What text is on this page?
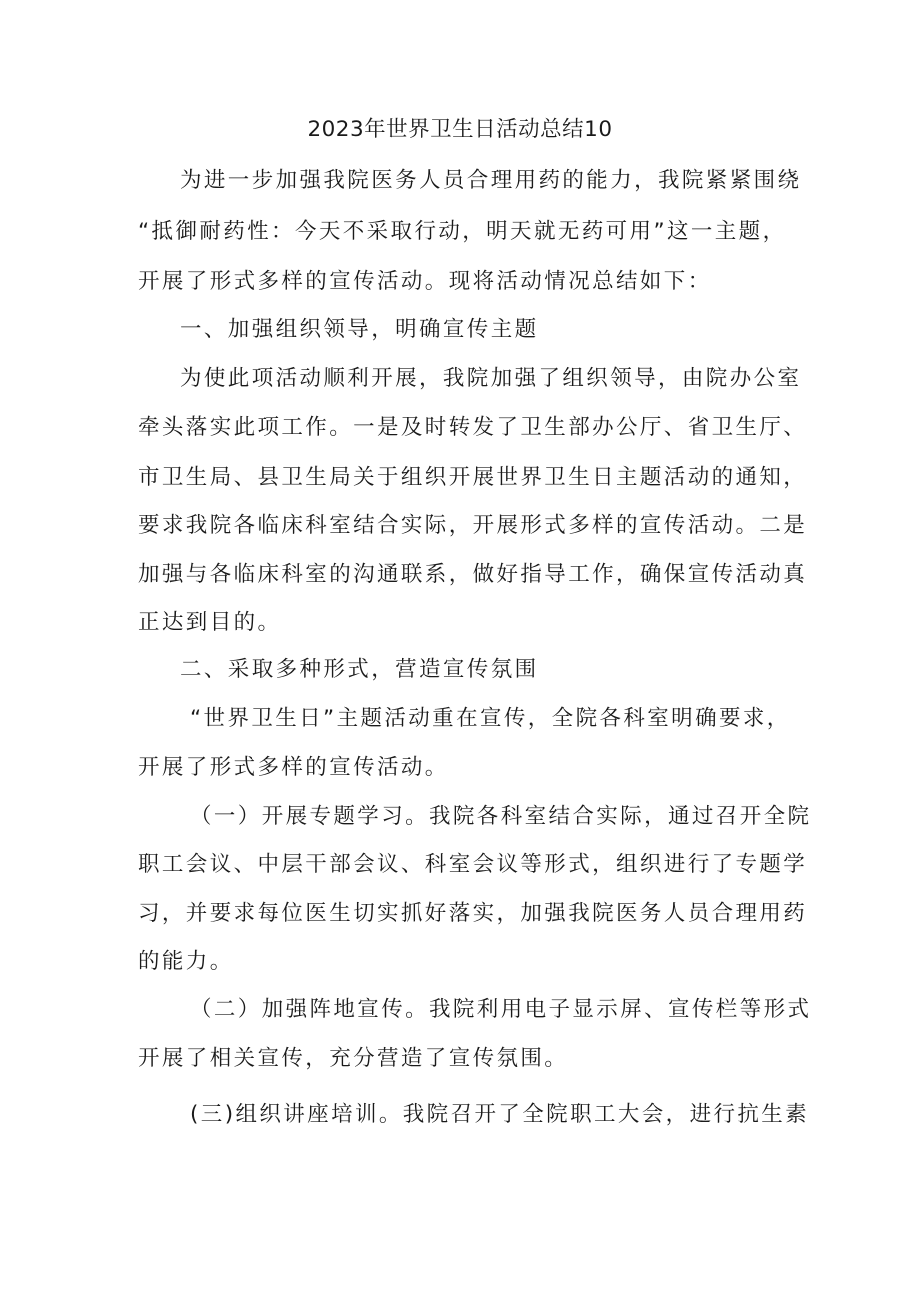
2023年世界卫生日活动总结10
为进一步加强我院医务人员合理用药的能力，我院紧紧围绕
“抵御耐药性：今天不采取行动，明天就无药可用”这一主题，
开展了形式多样的宣传活动。现将活动情况总结如下：
一、加强组织领导，明确宣传主题
为使此项活动顺利开展，我院加强了组织领导，由院办公室
牵头落实此项工作。一是及时转发了卫生部办公厅、省卫生厅、
市卫生局、县卫生局关于组织开展世界卫生日主题活动的通知，
要求我院各临床科室结合实际，开展形式多样的宣传活动。二是
加强与各临床科室的沟通联系，做好指导工作，确保宣传活动真
正达到目的。
二、采取多种形式，营造宣传氛围
“世界卫生日”主题活动重在宣传，全院各科室明确要求，
开展了形式多样的宣传活动。
（一）开展专题学习。我院各科室结合实际，通过召开全院
职工会议、中层干部会议、科室会议等形式，组织进行了专题学
习，并要求每位医生切实抓好落实，加强我院医务人员合理用药
的能力。
（二）加强阵地宣传。我院利用电子显示屏、宣传栏等形式
开展了相关宣传，充分营造了宣传氛围。
(三)组织讲座培训。我院召开了全院职工大会，进行抗生素
